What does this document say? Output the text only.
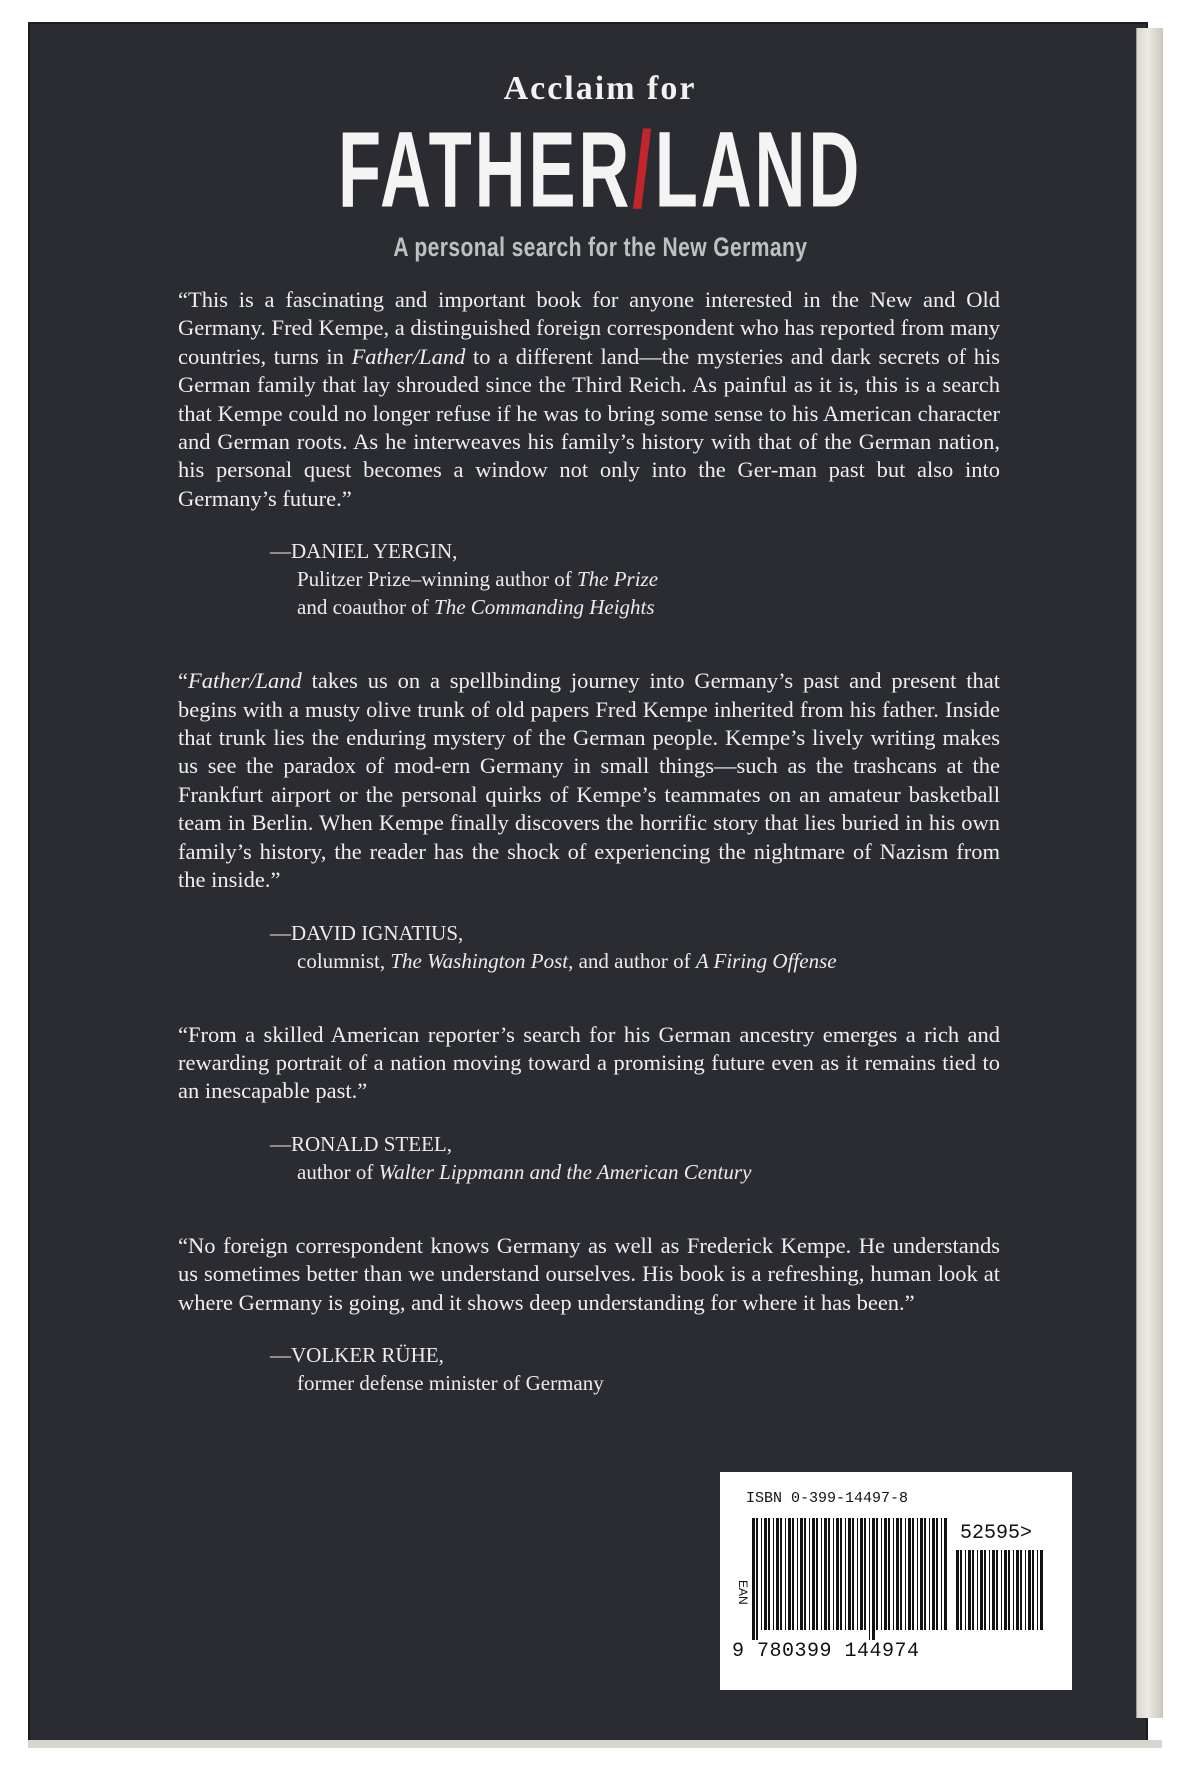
Acclaim for
FATHER/LAND
A personal search for the New Germany

“This is a fascinating and important book for anyone interested in the New and Old Germany. Fred Kempe, a distinguished foreign correspondent who has reported from many countries, turns in Father/Land to a different land—the mysteries and dark secrets of his German family that lay shrouded since the Third Reich. As painful as it is, this is a search that Kempe could no longer refuse if he was to bring some sense to his American character and German roots. As he interweaves his family’s history with that of the German nation, his personal quest becomes a window not only into the Ger-man past but also into Germany’s future.”

—DANIEL YERGIN,
Pulitzer Prize–winning author of The Prize
and coauthor of The Commanding Heights

“Father/Land takes us on a spellbinding journey into Germany’s past and present that begins with a musty olive trunk of old papers Fred Kempe inherited from his father. Inside that trunk lies the enduring mystery of the German people. Kempe’s lively writing makes us see the paradox of mod-ern Germany in small things—such as the trashcans at the Frankfurt airport or the personal quirks of Kempe’s teammates on an amateur basketball team in Berlin. When Kempe finally discovers the horrific story that lies buried in his own family’s history, the reader has the shock of experiencing the nightmare of Nazism from the inside.”

—DAVID IGNATIUS,
columnist, The Washington Post, and author of A Firing Offense

“From a skilled American reporter’s search for his German ancestry emerges a rich and rewarding portrait of a nation moving toward a promising future even as it remains tied to an inescapable past.”

—RONALD STEEL,
author of Walter Lippmann and the American Century

“No foreign correspondent knows Germany as well as Frederick Kempe. He understands us sometimes better than we understand ourselves. His book is a refreshing, human look at where Germany is going, and it shows deep understanding for where it has been.”

—VOLKER RÜHE,
former defense minister of Germany
ISBN 0-399-14497-8
EAN
52595>
9 780399 144974
